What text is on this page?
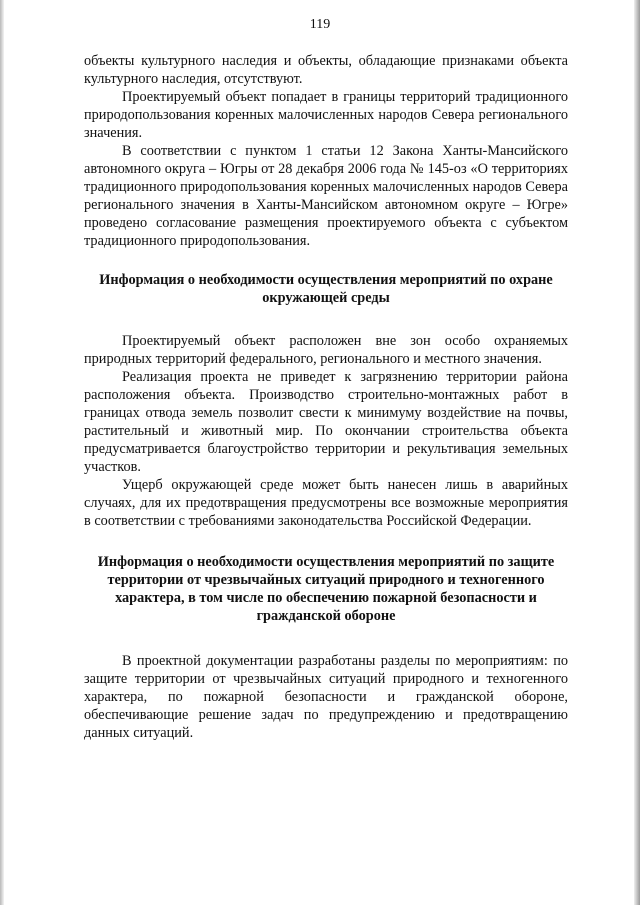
119

объекты культурного наследия и объекты, обладающие признаками объекта культурного наследия, отсутствуют.

Проектируемый объект попадает в границы территорий традиционного природопользования коренных малочисленных народов Севера регионального значения.

В соответствии с пунктом 1 статьи 12 Закона Ханты-Мансийского автономного округа – Югры от 28 декабря 2006 года № 145-оз «О территориях традиционного природопользования коренных малочисленных народов Севера регионального значения в Ханты-Мансийском автономном округе – Югре» проведено согласование размещения проектируемого объекта с субъектом традиционного природопользования.

Информация о необходимости осуществления мероприятий по охране окружающей среды

Проектируемый объект расположен вне зон особо охраняемых природных территорий федерального, регионального и местного значения.

Реализация проекта не приведет к загрязнению территории района расположения объекта. Производство строительно-монтажных работ в границах отвода земель позволит свести к минимуму воздействие на почвы, растительный и животный мир. По окончании строительства объекта предусматривается благоустройство территории и рекультивация земельных участков.

Ущерб окружающей среде может быть нанесен лишь в аварийных случаях, для их предотвращения предусмотрены все возможные мероприятия в соответствии с требованиями законодательства Российской Федерации.

Информация о необходимости осуществления мероприятий по защите территории от чрезвычайных ситуаций природного и техногенного характера, в том числе по обеспечению пожарной безопасности и гражданской обороне

В проектной документации разработаны разделы по мероприятиям: по защите территории от чрезвычайных ситуаций природного и техногенного характера, по пожарной безопасности и гражданской обороне, обеспечивающие решение задач по предупреждению и предотвращению данных ситуаций.
